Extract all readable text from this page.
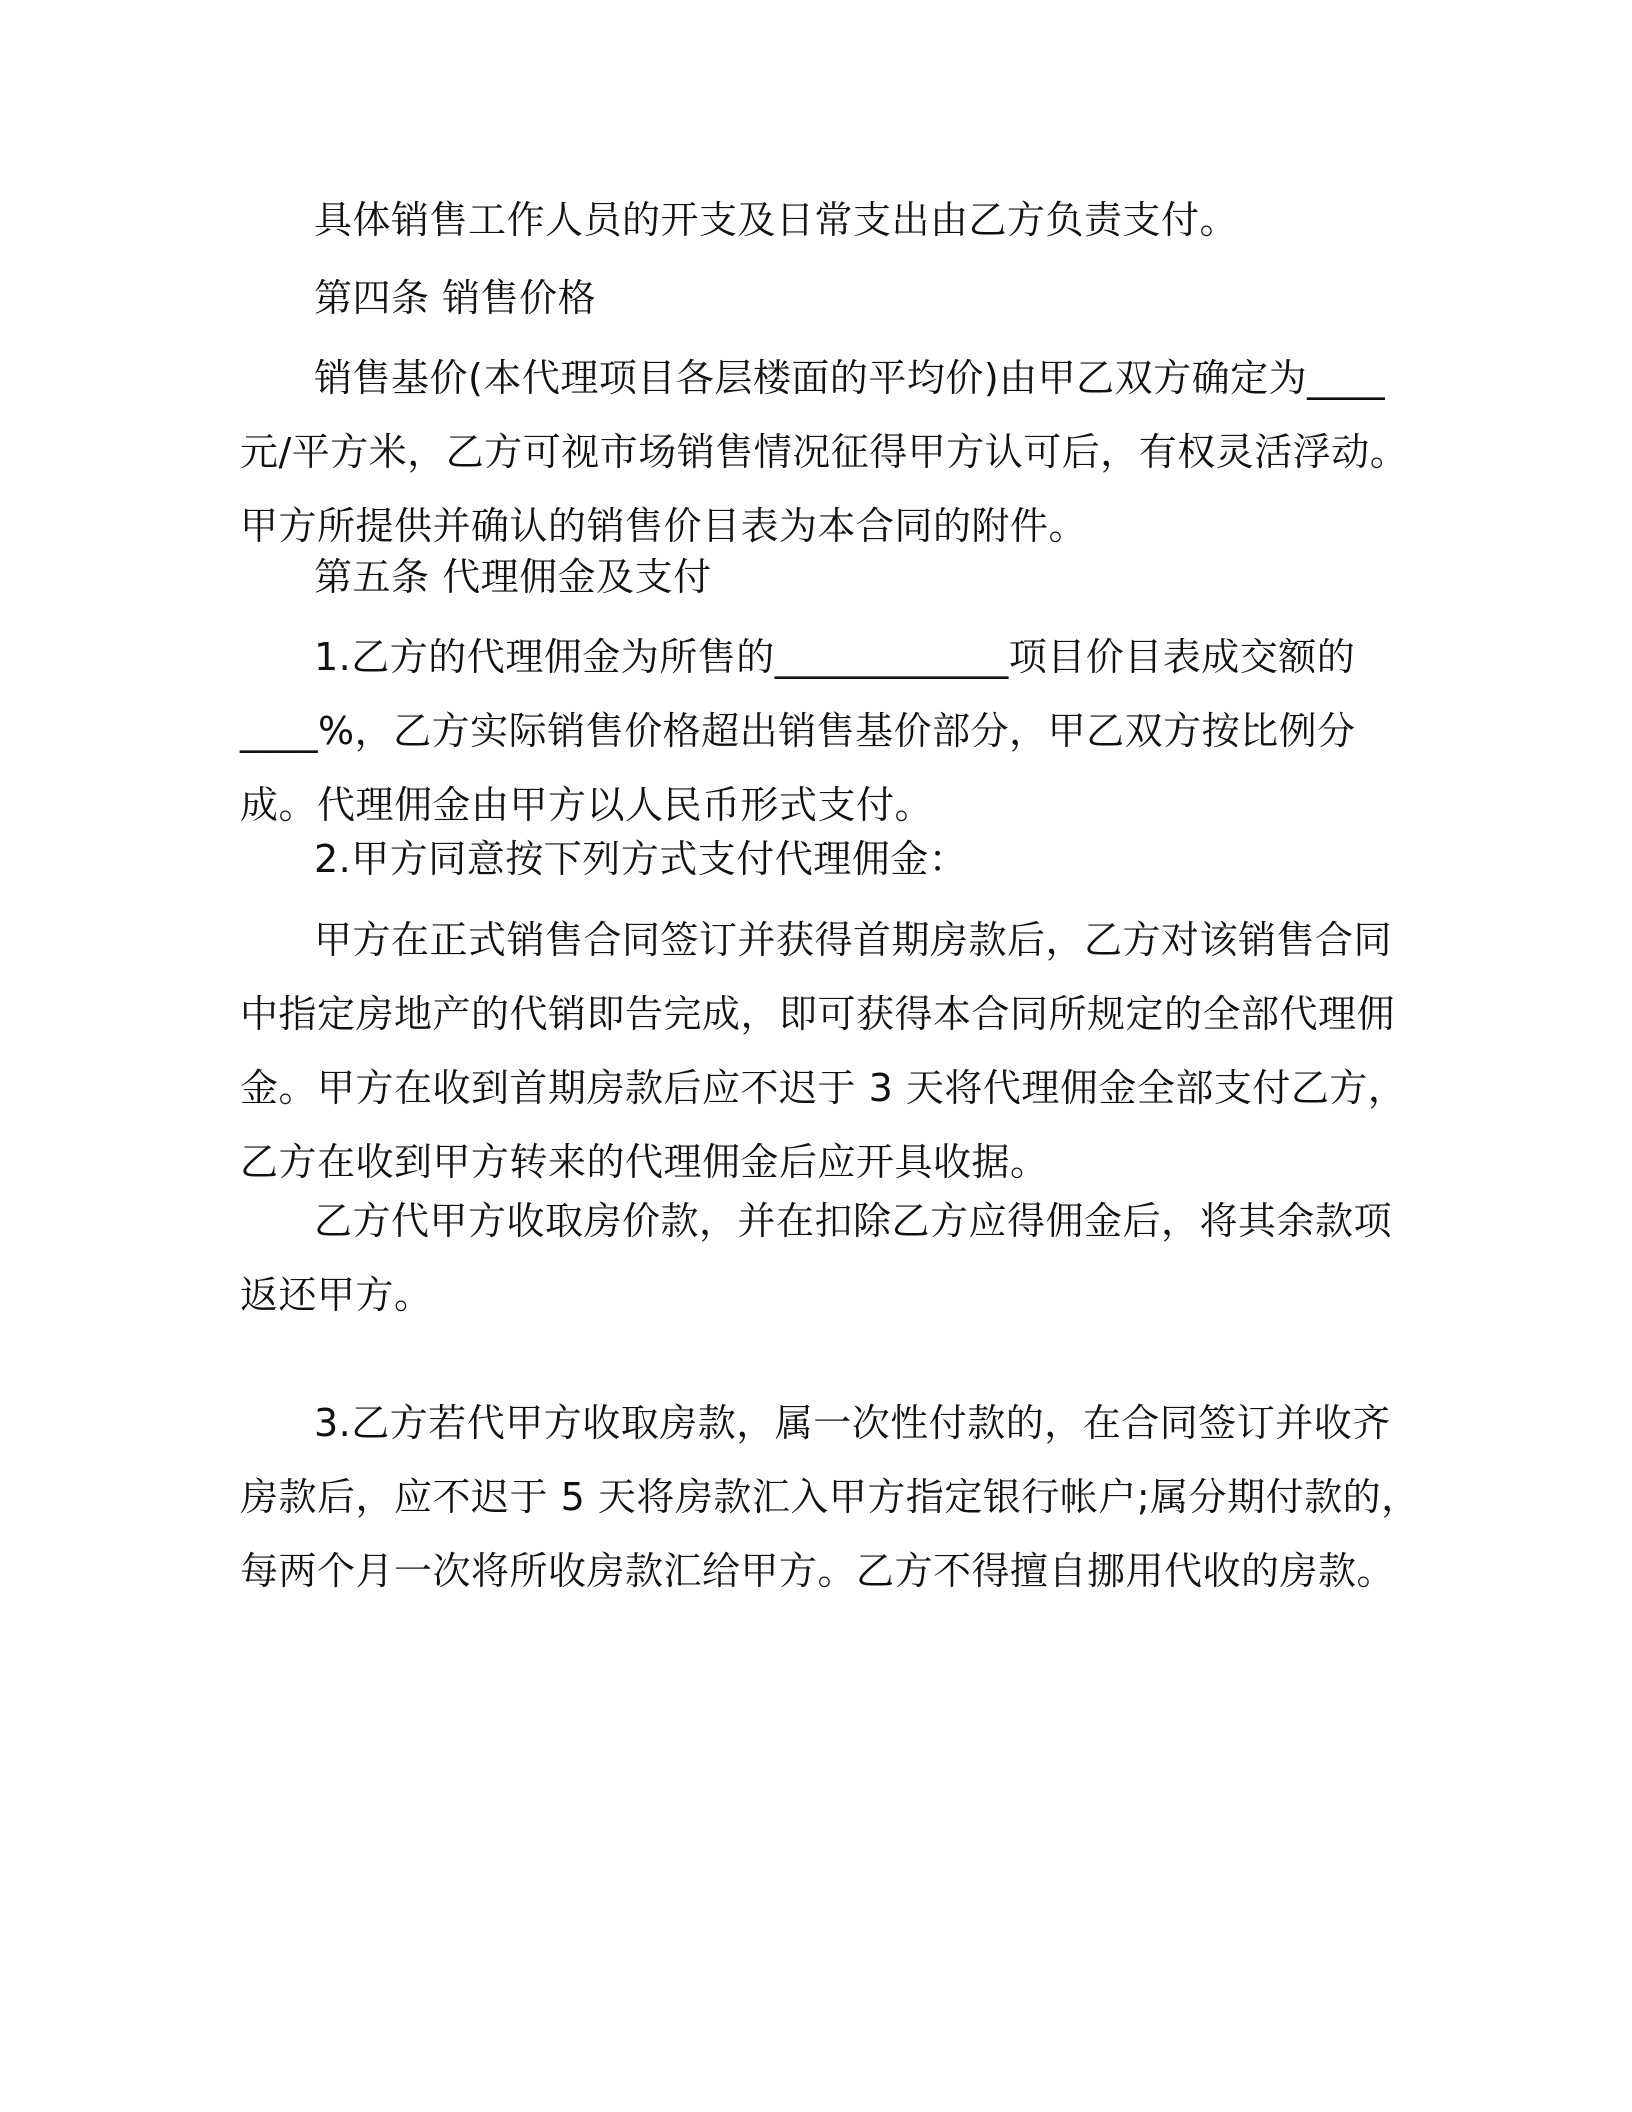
具体销售工作人员的开支及日常支出由乙方负责支付。

第四条 销售价格

销售基价(本代理项目各层楼面的平均价)由甲乙双方确定为____
元/平方米，乙方可视市场销售情况征得甲方认可后，有权灵活浮动。
甲方所提供并确认的销售价目表为本合同的附件。

第五条 代理佣金及支付

1.乙方的代理佣金为所售的____________项目价目表成交额的
____%，乙方实际销售价格超出销售基价部分，甲乙双方按比例分
成。代理佣金由甲方以人民币形式支付。

2.甲方同意按下列方式支付代理佣金：

甲方在正式销售合同签订并获得首期房款后，乙方对该销售合同
中指定房地产的代销即告完成，即可获得本合同所规定的全部代理佣
金。甲方在收到首期房款后应不迟于 3 天将代理佣金全部支付乙方，
乙方在收到甲方转来的代理佣金后应开具收据。

乙方代甲方收取房价款，并在扣除乙方应得佣金后，将其余款项
返还甲方。

3.乙方若代甲方收取房款，属一次性付款的，在合同签订并收齐
房款后，应不迟于 5 天将房款汇入甲方指定银行帐户;属分期付款的，
每两个月一次将所收房款汇给甲方。乙方不得擅自挪用代收的房款。
